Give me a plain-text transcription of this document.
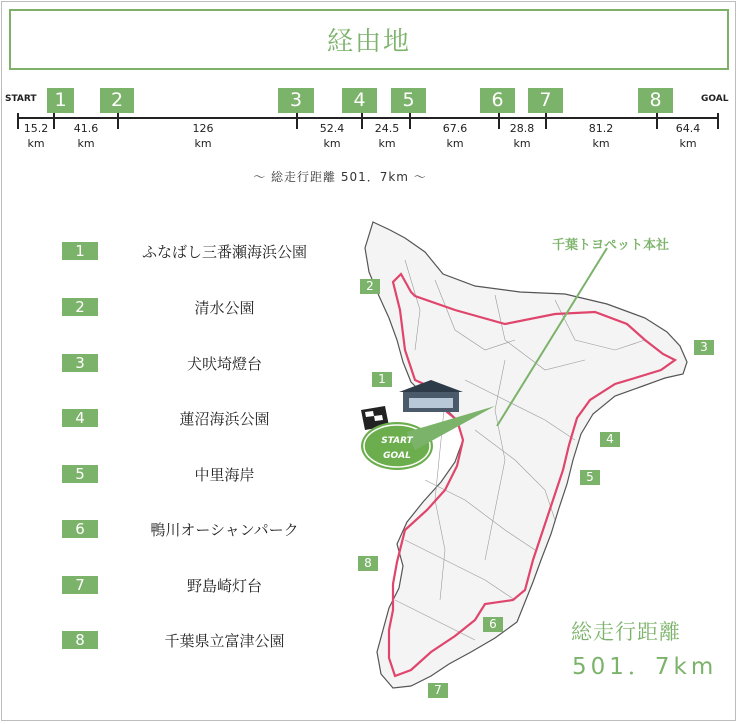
経由地
START	GOAL
1	2	3	4	5	6	7	8
15.2
km
41.6
km
126
km
52.4
km
24.5
km
67.6
km
28.8
km
81.2
km
64.4
km
～ 総走行距離 501．7km ～
1	ふなばし三番瀬海浜公園
2	清水公園
3	犬吠埼燈台
4	蓮沼海浜公園
5	中里海岸
6	鴨川オーシャンパーク
7	野島崎灯台
8	千葉県立富津公園
START
GOAL
千葉トヨペット本社
2
1
3
4
5
6
7
8
総走行距離
501．7km
